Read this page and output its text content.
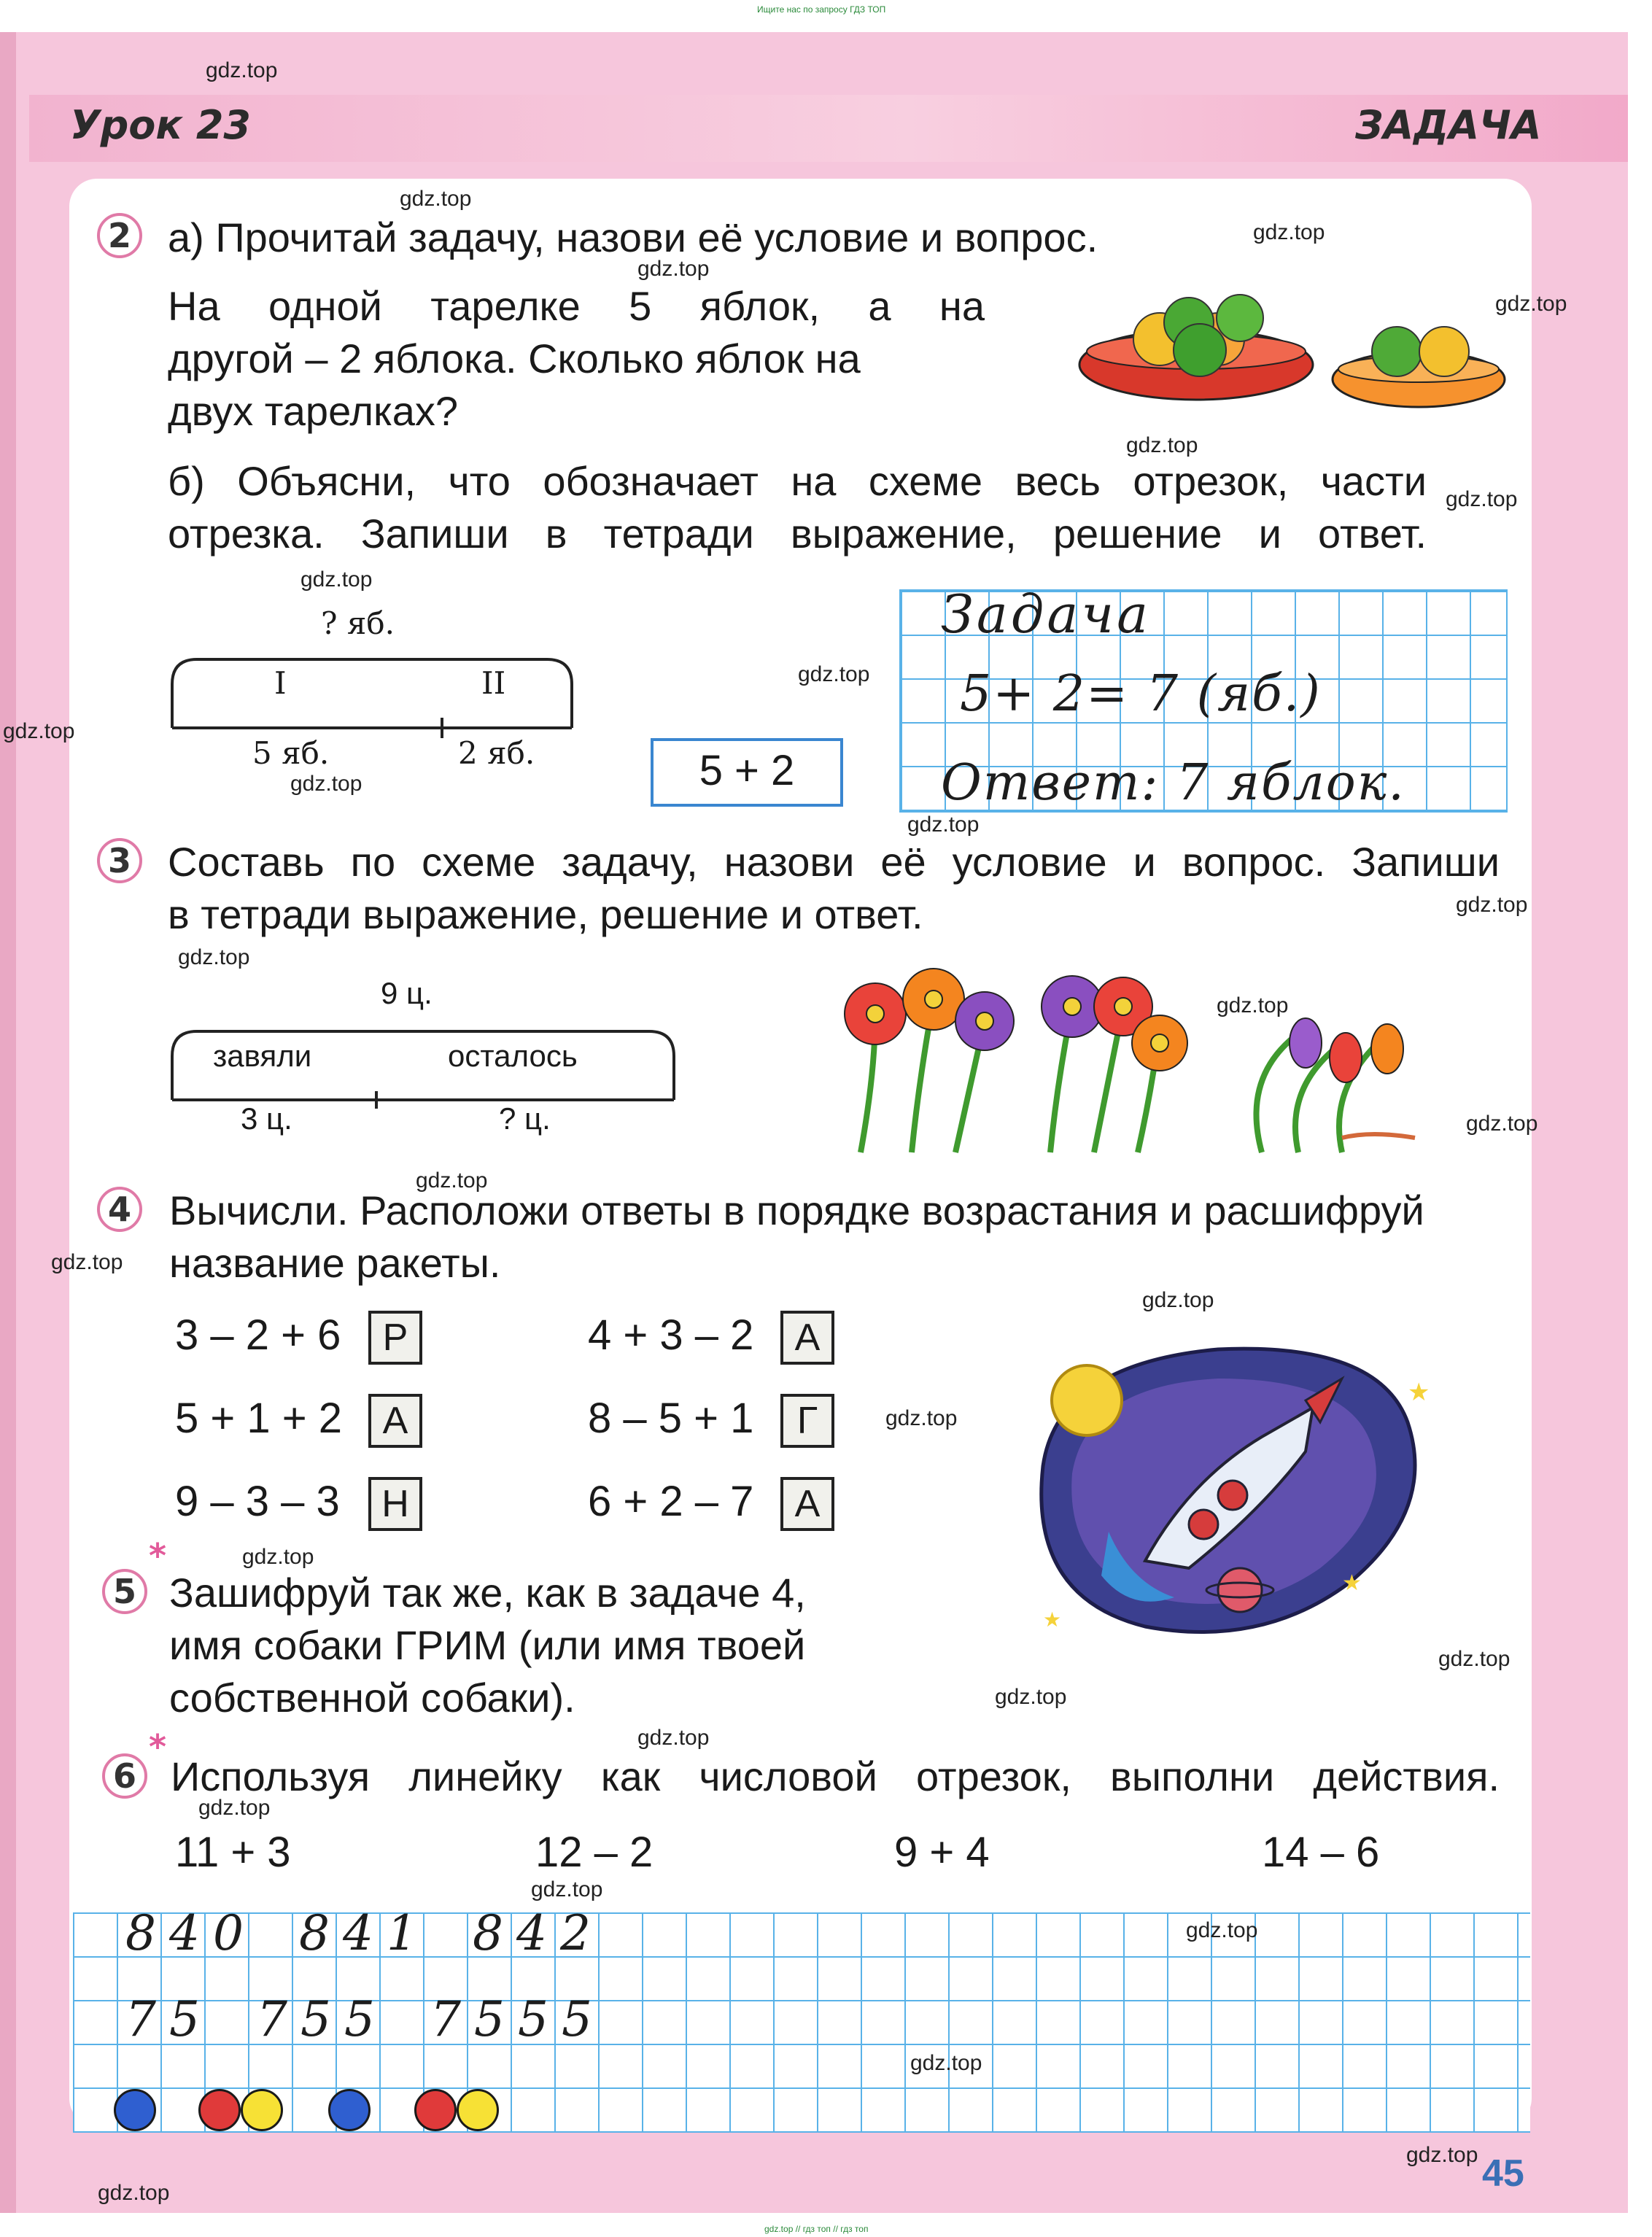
Ищите нас по запросу ГДЗ ТОП
gdz.top // гдз топ // гдз топ
Урок 23	ЗАДАЧА
2 а) Прочитай задачу, назови её условие и вопрос.
На одной тарелке 5 яблок, а на
другой – 2 яблока. Сколько яблок на
двух тарелках?
б) Объясни, что обозначает на схеме весь отрезок, части
отрезка. Запиши в тетради выражение, решение и ответ.
? яб.
I	II
5 яб.	2 яб.	5 + 2
Задача
5+ 2= 7 (яб.)
Ответ: 7 яблок.
3 Составь по схеме задачу, назови её условие и вопрос. Запиши
в тетради выражение, решение и ответ.
9 ц.
завяли	осталось
3 ц.	? ц.
4 Вычисли. Расположи ответы в порядке возрастания и расшифруй
название ракеты.
3 – 2 + 6	Р	4 + 3 – 2	А
5 + 1 + 2	А	8 – 5 + 1	Г
9 – 3 – 3	Н	6 + 2 – 7	А
★
★
★
*
5 Зашифруй так же, как в задаче 4,
имя собаки ГРИМ (или имя твоей
собственной собаки).
*
6 Используя линейку как числовой отрезок, выполни действия.
11 + 3	12 – 2	9 + 4	14 – 6
840 841 842
75 755 7555
45
gdz.top
gdz.top
gdz.top
gdz.top
gdz.top
gdz.top
gdz.top
gdz.top
gdz.top
gdz.top
gdz.top
gdz.top
gdz.top
gdz.top
gdz.top
gdz.top
gdz.top
gdz.top
gdz.top
gdz.top
gdz.top
gdz.top
gdz.top
gdz.top
gdz.top
gdz.top
gdz.top
gdz.top
gdz.top
gdz.top
